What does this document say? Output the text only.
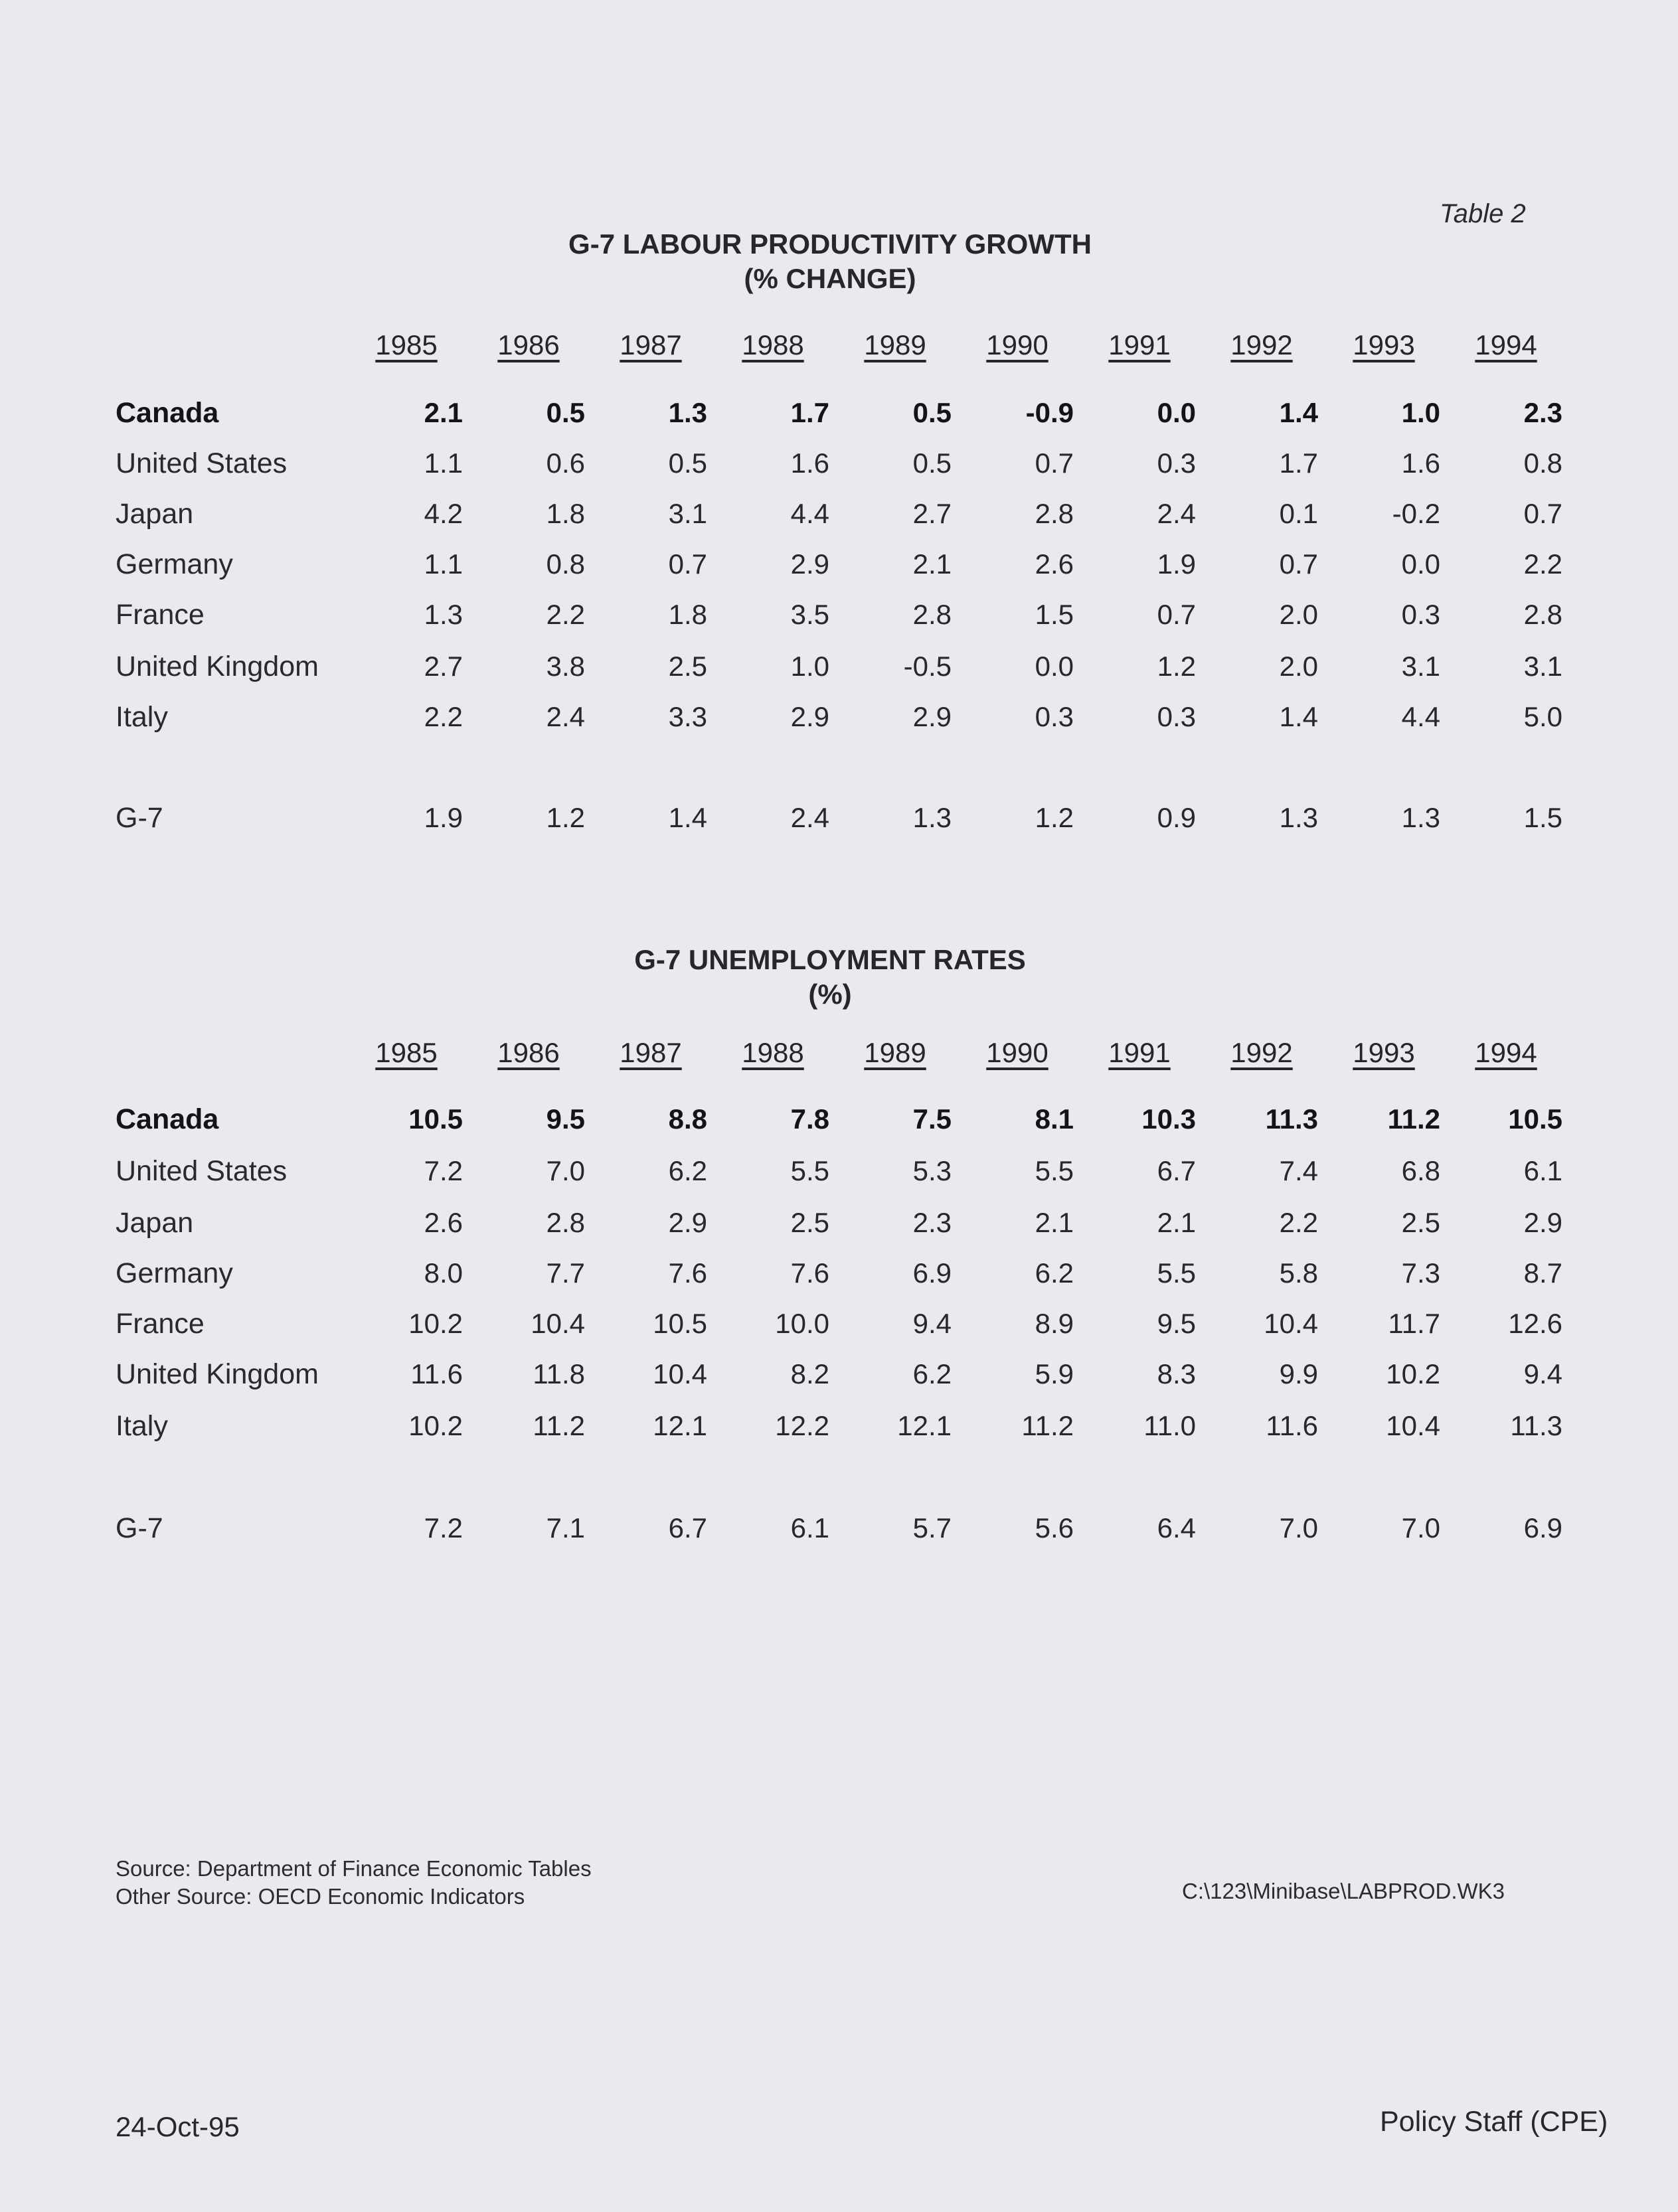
Table 2
G-7 LABOUR PRODUCTIVITY GROWTH
(% CHANGE)
1985	1986	1987	1988	1989	1990	1991	1992	1993	1994
Canada	2.1	0.5	1.3	1.7	0.5	-0.9	0.0	1.4	1.0	2.3
United States	1.1	0.6	0.5	1.6	0.5	0.7	0.3	1.7	1.6	0.8
Japan	4.2	1.8	3.1	4.4	2.7	2.8	2.4	0.1	-0.2	0.7
Germany	1.1	0.8	0.7	2.9	2.1	2.6	1.9	0.7	0.0	2.2
France	1.3	2.2	1.8	3.5	2.8	1.5	0.7	2.0	0.3	2.8
United Kingdom	2.7	3.8	2.5	1.0	-0.5	0.0	1.2	2.0	3.1	3.1
Italy	2.2	2.4	3.3	2.9	2.9	0.3	0.3	1.4	4.4	5.0
G-7	1.9	1.2	1.4	2.4	1.3	1.2	0.9	1.3	1.3	1.5
G-7 UNEMPLOYMENT RATES
(%)
1985	1986	1987	1988	1989	1990	1991	1992	1993	1994
Canada	10.5	9.5	8.8	7.8	7.5	8.1	10.3	11.3	11.2	10.5
United States	7.2	7.0	6.2	5.5	5.3	5.5	6.7	7.4	6.8	6.1
Japan	2.6	2.8	2.9	2.5	2.3	2.1	2.1	2.2	2.5	2.9
Germany	8.0	7.7	7.6	7.6	6.9	6.2	5.5	5.8	7.3	8.7
France	10.2	10.4	10.5	10.0	9.4	8.9	9.5	10.4	11.7	12.6
United Kingdom	11.6	11.8	10.4	8.2	6.2	5.9	8.3	9.9	10.2	9.4
Italy	10.2	11.2	12.1	12.2	12.1	11.2	11.0	11.6	10.4	11.3
G-7	7.2	7.1	6.7	6.1	5.7	5.6	6.4	7.0	7.0	6.9
Source: Department of Finance Economic Tables
Other Source: OECD Economic Indicators	C:\123\Minibase\LABPROD.WK3
24-Oct-95	Policy Staff (CPE)
